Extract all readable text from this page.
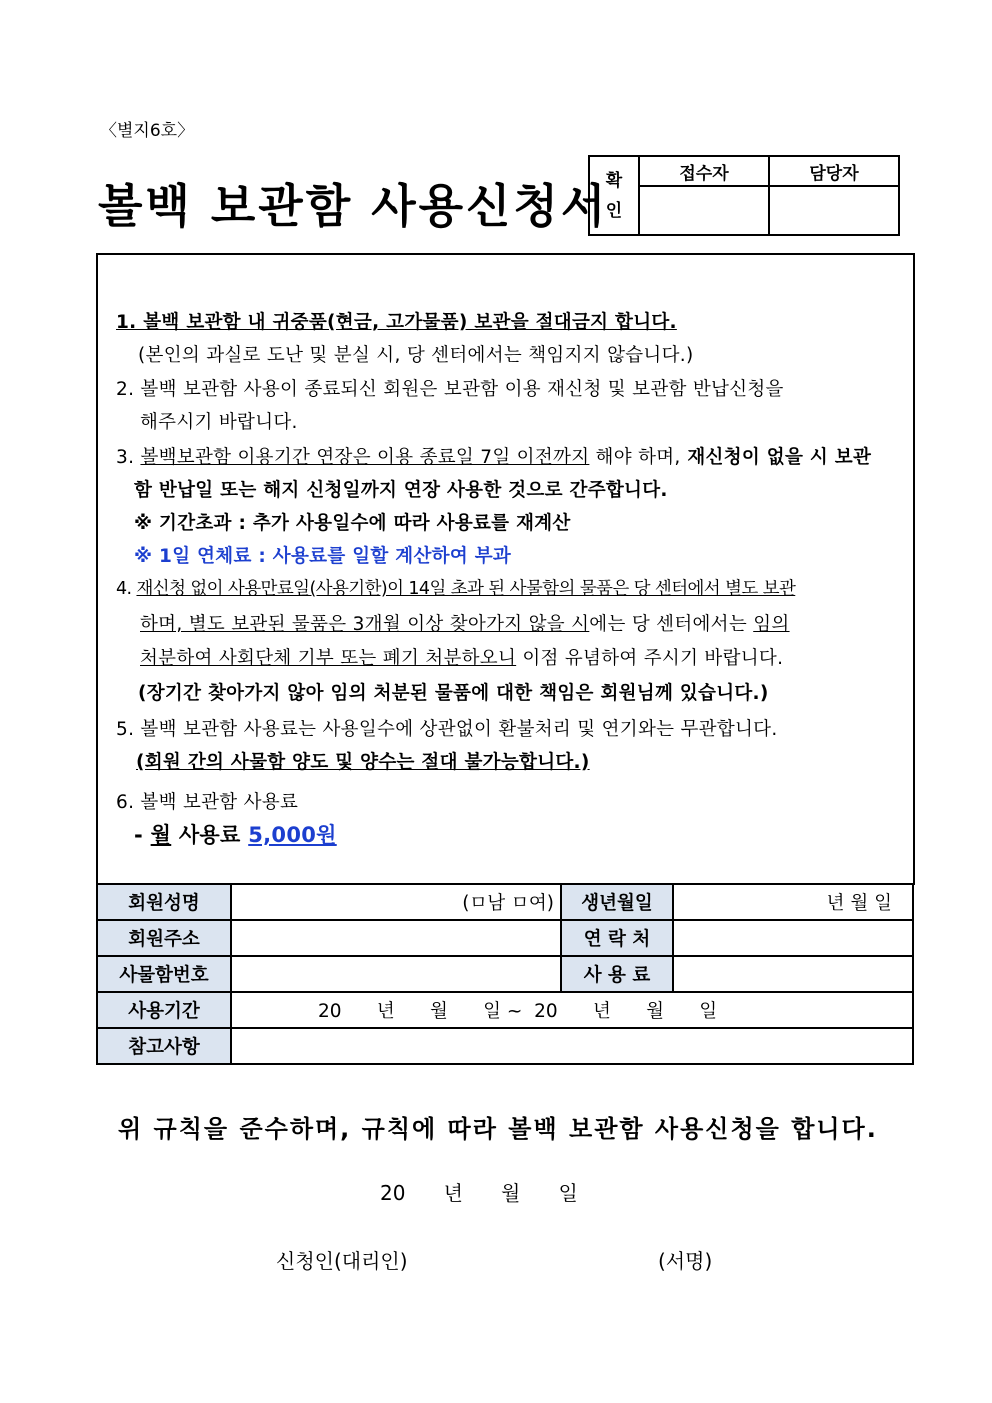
〈별지6호〉
볼백 보관함 사용신청서
확
인	접수자	담당자

1. 볼백 보관함 내 귀중품(현금, 고가물품) 보관을 절대금지 합니다.
(본인의 과실로 도난 및 분실 시, 당 센터에서는 책임지지 않습니다.)
2. 볼백 보관함 사용이 종료되신 회원은 보관함 이용 재신청 및 보관함 반납신청을
해주시기 바랍니다.
3. 볼백보관함 이용기간 연장은 이용 종료일 7일 이전까지 해야 하며, 재신청이 없을 시 보관
함 반납일 또는 해지 신청일까지 연장 사용한 것으로 간주합니다.
※ 기간초과 : 추가 사용일수에 따라 사용료를 재계산
※ 1일 연체료 : 사용료를 일할 계산하여 부과
4. 재신청 없이 사용만료일(사용기한)이 14일 초과 된 사물함의 물품은 당 센터에서 별도 보관
하며, 별도 보관된 물품은 3개월 이상 찾아가지 않을 시에는 당 센터에서는 임의
처분하여 사회단체 기부 또는 폐기 처분하오니 이점 유념하여 주시기 바랍니다.
(장기간 찾아가지 않아 임의 처분된 물품에 대한 책임은 회원님께 있습니다.)
5. 볼백 보관함 사용료는 사용일수에 상관없이 환불처리 및 연기와는 무관합니다.
(회원 간의 사물함 양도 및 양수는 절대 불가능합니다.)
6. 볼백 보관함 사용료
- 월 사용료 5,000원
회원성명	(ㅁ남 ㅁ여)	생년월일	년 월 일
회원주소		연 락 처	
사물함번호		사 용 료	
사용기간	20      년      월      일 ~  20      년      월      일		
참고사항			
위 규칙을 준수하며, 규칙에 따라 볼백 보관함 사용신청을 합니다.
20      년      월      일
신청인(대리인)	(서명)
